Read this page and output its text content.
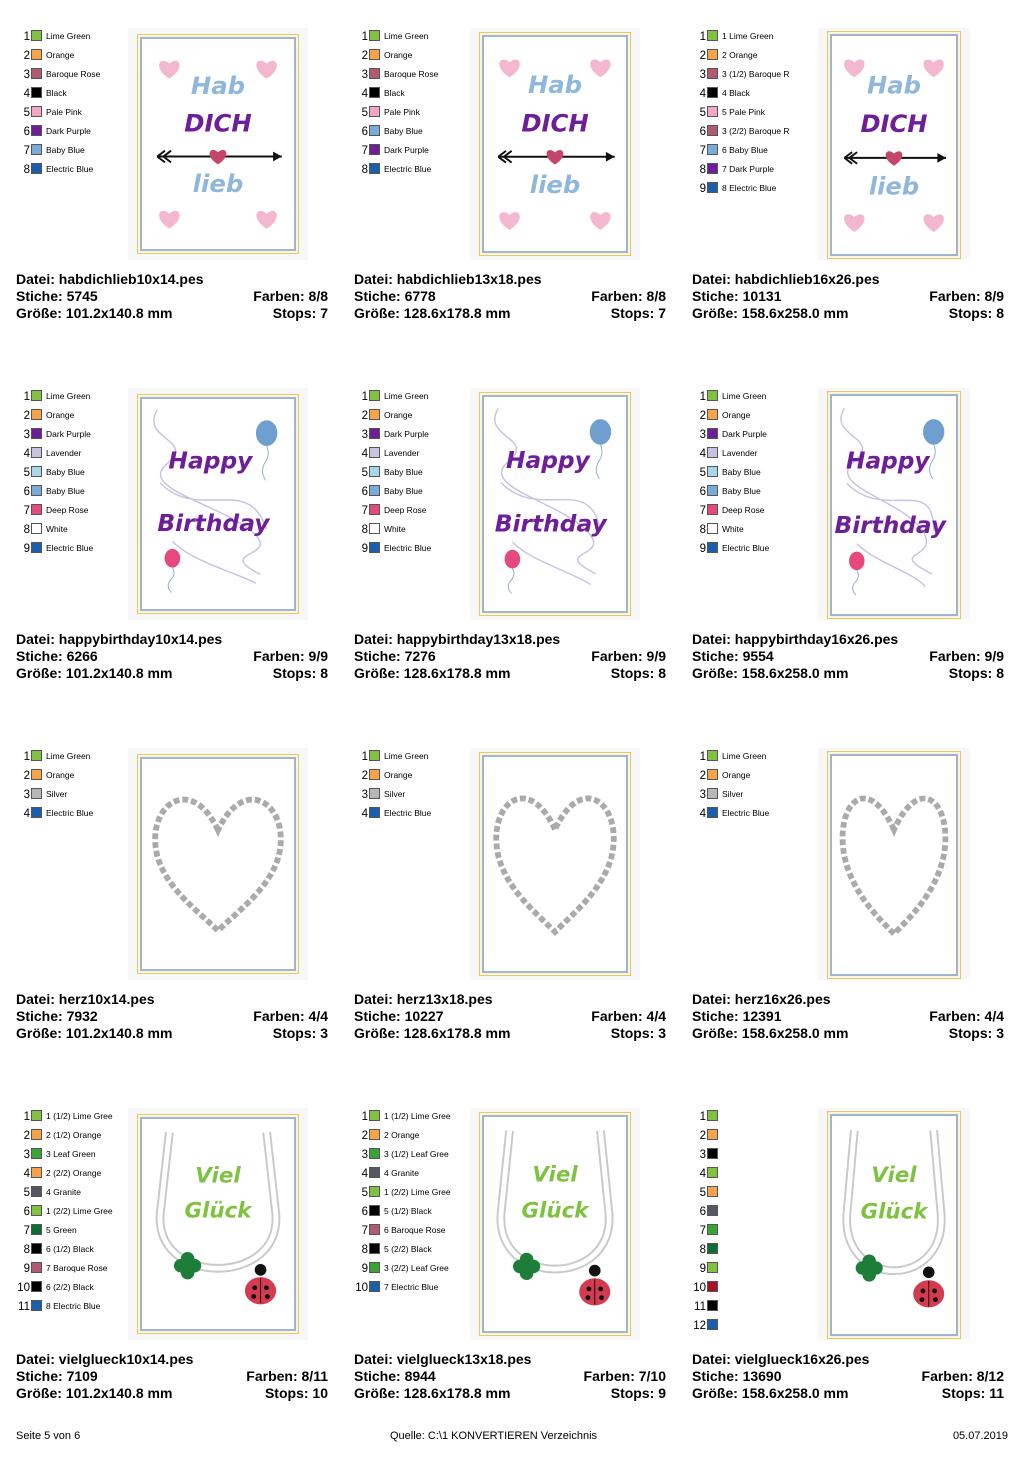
1 Lime Green
2 Orange
3 Baroque Rose
4 Black
5 Pale Pink
6 Dark Purple
7 Baby Blue
8 Electric Blue
Hab
DICH
lieb
Datei: habdichlieb10x14.pes
Stiche: 5745	Farben: 8/8
Größe: 101.2x140.8 mm	Stops: 7
1 Lime Green
2 Orange
3 Baroque Rose
4 Black
5 Pale Pink
6 Baby Blue
7 Dark Purple
8 Electric Blue
Hab
DICH
lieb
Datei: habdichlieb13x18.pes
Stiche: 6778	Farben: 8/8
Größe: 128.6x178.8 mm	Stops: 7
1 1 Lime Green
2 2 Orange
3 3 (1/2) Baroque R
4 4 Black
5 5 Pale Pink
6 3 (2/2) Baroque R
7 6 Baby Blue
8 7 Dark Purple
9 8 Electric Blue
Hab
DICH
lieb
Datei: habdichlieb16x26.pes
Stiche: 10131	Farben: 8/9
Größe: 158.6x258.0 mm	Stops: 8
1 Lime Green
2 Orange
3 Dark Purple
4 Lavender
5 Baby Blue
6 Baby Blue
7 Deep Rose
8 White
9 Electric Blue
Happy
Birthday
Datei: happybirthday10x14.pes
Stiche: 6266	Farben: 9/9
Größe: 101.2x140.8 mm	Stops: 8
1 Lime Green
2 Orange
3 Dark Purple
4 Lavender
5 Baby Blue
6 Baby Blue
7 Deep Rose
8 White
9 Electric Blue
Happy
Birthday
Datei: happybirthday13x18.pes
Stiche: 7276	Farben: 9/9
Größe: 128.6x178.8 mm	Stops: 8
1 Lime Green
2 Orange
3 Dark Purple
4 Lavender
5 Baby Blue
6 Baby Blue
7 Deep Rose
8 White
9 Electric Blue
Happy
Birthday
Datei: happybirthday16x26.pes
Stiche: 9554	Farben: 9/9
Größe: 158.6x258.0 mm	Stops: 8
1 Lime Green
2 Orange
3 Silver
4 Electric Blue
Datei: herz10x14.pes
Stiche: 7932	Farben: 4/4
Größe: 101.2x140.8 mm	Stops: 3
1 Lime Green
2 Orange
3 Silver
4 Electric Blue
Datei: herz13x18.pes
Stiche: 10227	Farben: 4/4
Größe: 128.6x178.8 mm	Stops: 3
1 Lime Green
2 Orange
3 Silver
4 Electric Blue
Datei: herz16x26.pes
Stiche: 12391	Farben: 4/4
Größe: 158.6x258.0 mm	Stops: 3
1 1 (1/2) Lime Gree
2 2 (1/2) Orange
3 3 Leaf Green
4 2 (2/2) Orange
5 4 Granite
6 1 (2/2) Lime Gree
7 5 Green
8 6 (1/2) Black
9 7 Baroque Rose
10 6 (2/2) Black
11 8 Electric Blue
Viel
Glück
Datei: vielglueck10x14.pes
Stiche: 7109	Farben: 8/11
Größe: 101.2x140.8 mm	Stops: 10
1 1 (1/2) Lime Gree
2 2 Orange
3 3 (1/2) Leaf Gree
4 4 Granite
5 1 (2/2) Lime Gree
6 5 (1/2) Black
7 6 Baroque Rose
8 5 (2/2) Black
9 3 (2/2) Leaf Gree
10 7 Electric Blue
Viel
Glück
Datei: vielglueck13x18.pes
Stiche: 8944	Farben: 7/10
Größe: 128.6x178.8 mm	Stops: 9
1
2
3
4
5
6
7
8
9
10
11
12
Viel
Glück
Datei: vielglueck16x26.pes
Stiche: 13690	Farben: 8/12
Größe: 158.6x258.0 mm	Stops: 11
Seite 5 von 6	Quelle: C:\1 KONVERTIEREN Verzeichnis	05.07.2019
